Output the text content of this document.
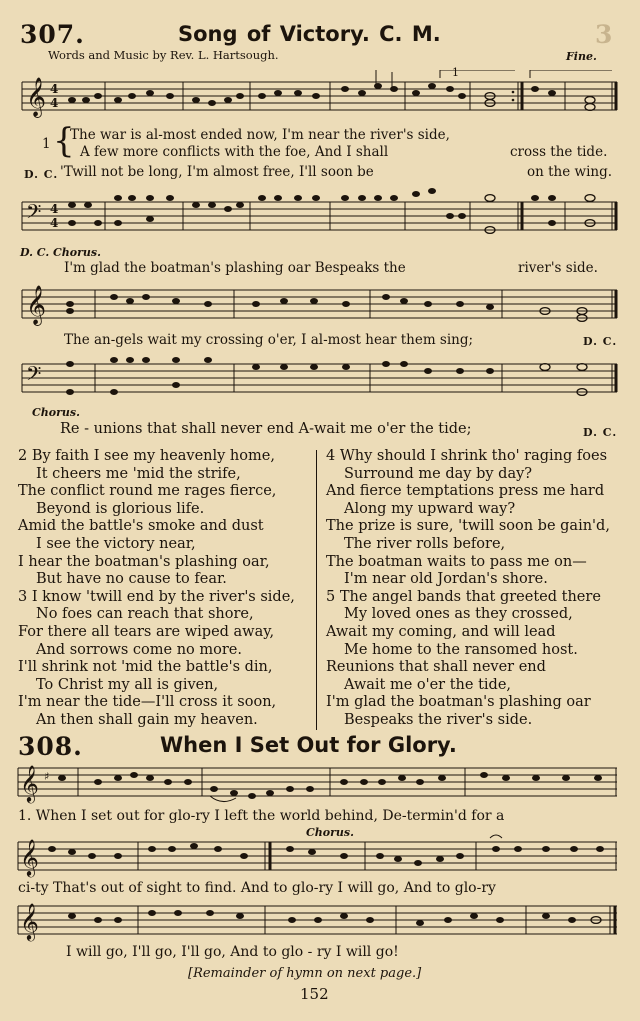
307.	Song of Victory. C. M.	3
Words and Music by Rev. L. Hartsough.	Fine.
1
𝄞 4
4
1 {
The war is al-most ended now, I'm near the river's side,
A few more conflicts with the foe, And I shall	cross the tide.
D. C. 'Twill not be long, I'm almost free, I'll soon be	on the wing.
𝄢 4
4
D. C. Chorus.
I'm glad the boatman's plashing oar Bespeaks the	river's side.
𝄞
The an-gels wait my crossing o'er, I al-most hear them sing;	D. C.
𝄢
Chorus.
Re - unions that shall never end A-wait me o'er the tide;	D. C.
2 By faith I see my heavenly home,
It cheers me 'mid the strife,
The conflict round me rages fierce,
Beyond is glorious life.
Amid the battle's smoke and dust
I see the victory near,
I hear the boatman's plashing oar,
But have no cause to fear.
3 I know 'twill end by the river's side,
No foes can reach that shore,
For there all tears are wiped away,
And sorrows come no more.
I'll shrink not 'mid the battle's din,
To Christ my all is given,
I'm near the tide—I'll cross it soon,
An then shall gain my heaven.
4 Why should I shrink tho' raging foes
Surround me day by day?
And fierce temptations press me hard
Along my upward way?
The prize is sure, 'twill soon be gain'd,
The river rolls before,
The boatman waits to pass me on—
I'm near old Jordan's shore.
5 The angel bands that greeted there
My loved ones as they crossed,
Await my coming, and will lead
Me home to the ransomed host.
Reunions that shall never end
Await me o'er the tide,
I'm glad the boatman's plashing oar
Bespeaks the river's side.
308.	When I Set Out for Glory.
𝄞 ♯
1. When I set out for glo-ry I left the world behind, De-termin'd for a
Chorus.
𝄞
ci-ty That's out of sight to find. And to glo-ry I will go, And to glo-ry
𝄞
I will go, I'll go, I'll go, And to glo - ry I will go!
[Remainder of hymn on next page.]
152
